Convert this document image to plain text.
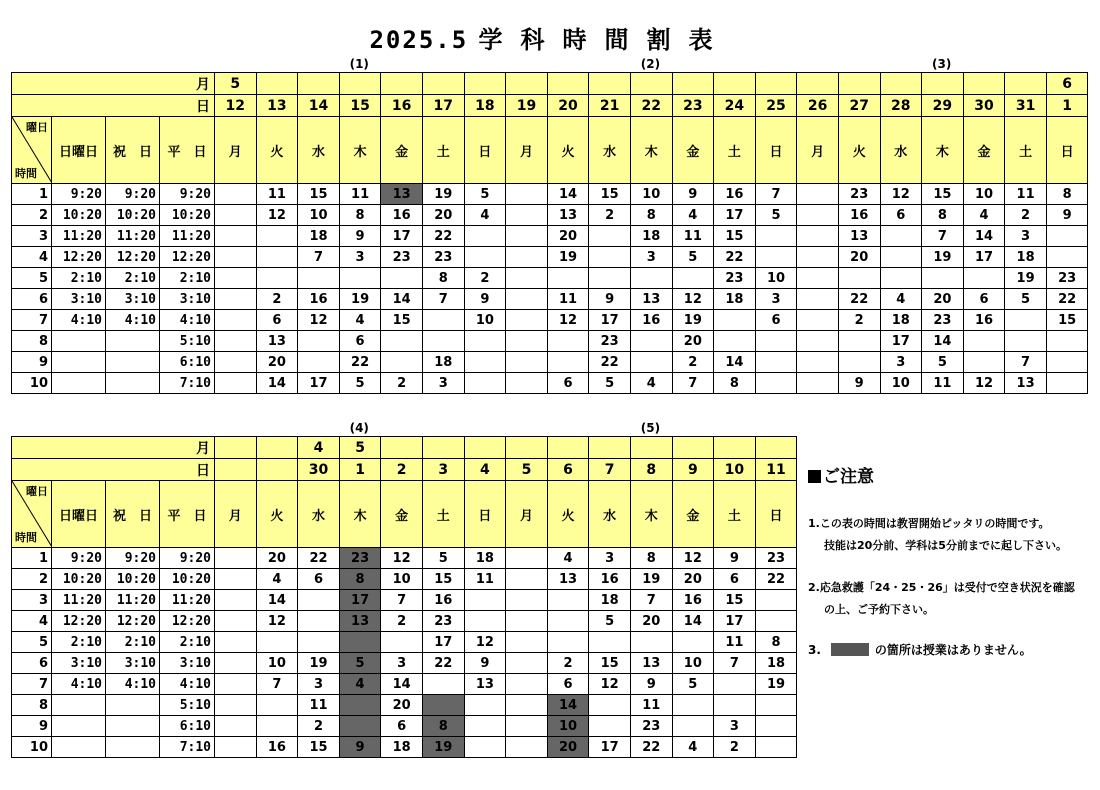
2025.5 学科時間割表
(1)	(2)	(3)
月				5																				6
日				12	13	14	15	16	17	18	19	20	21	22	23	24	25	26	27	28	29	30	31	1

曜日
時間	日曜日	祝　日	平　日	月	火	水	木	金	土	日	月	火	水	木	金	土	日	月	火	水	木	金	土	日
1	9:20	9:20	9:20		11	15	11	13	19	5		14	15	10	9	16	7		23	12	15	10	11	8
2	10:20	10:20	10:20		12	10	8	16	20	4		13	2	8	4	17	5		16	6	8	4	2	9
3	11:20	11:20	11:20			18	9	17	22			20		18	11	15			13		7	14	3	
4	12:20	12:20	12:20			7	3	23	23			19		3	5	22			20		19	17	18	
5	2:10	2:10	2:10						8	2						23	10						19	23
6	3:10	3:10	3:10		2	16	19	14	7	9		11	9	13	12	18	3		22	4	20	6	5	22
7	4:10	4:10	4:10		6	12	4	15		10		12	17	16	19		6		2	18	23	16		15
8			5:10		13		6						23		20					17	14			
9			6:10		20		22		18				22		2	14				3	5		7	
10			7:10		14	17	5	2	3			6	5	4	7	8			9	10	11	12	13	
(4)	(5)
月						4	5										
日						30	1	2	3	4	5	6	7	8	9	10	11

曜日
時間	日曜日	祝　日	平　日	月	火	水	木	金	土	日	月	火	水	木	金	土	日
1	9:20	9:20	9:20		20	22	23	12	5	18		4	3	8	12	9	23
2	10:20	10:20	10:20		4	6	8	10	15	11		13	16	19	20	6	22
3	11:20	11:20	11:20		14		17	7	16				18	7	16	15	
4	12:20	12:20	12:20		12		13	2	23				5	20	14	17	
5	2:10	2:10	2:10						17	12						11	8
6	3:10	3:10	3:10		10	19	5	3	22	9		2	15	13	10	7	18
7	4:10	4:10	4:10		7	3	4	14		13		6	12	9	5		19
8			5:10			11		20				14		11			
9			6:10			2		6	8			10		23		3	
10			7:10		16	15	9	18	19			20	17	22	4	2	
ご注意
1.この表の時間は教習開始ピッタリの時間です。
技能は20分前、学科は5分前までに起し下さい。
2.応急救護「24・25・26」は受付で空き状況を確認
の上、ご予約下さい。
3.	の箇所は授業はありません。
